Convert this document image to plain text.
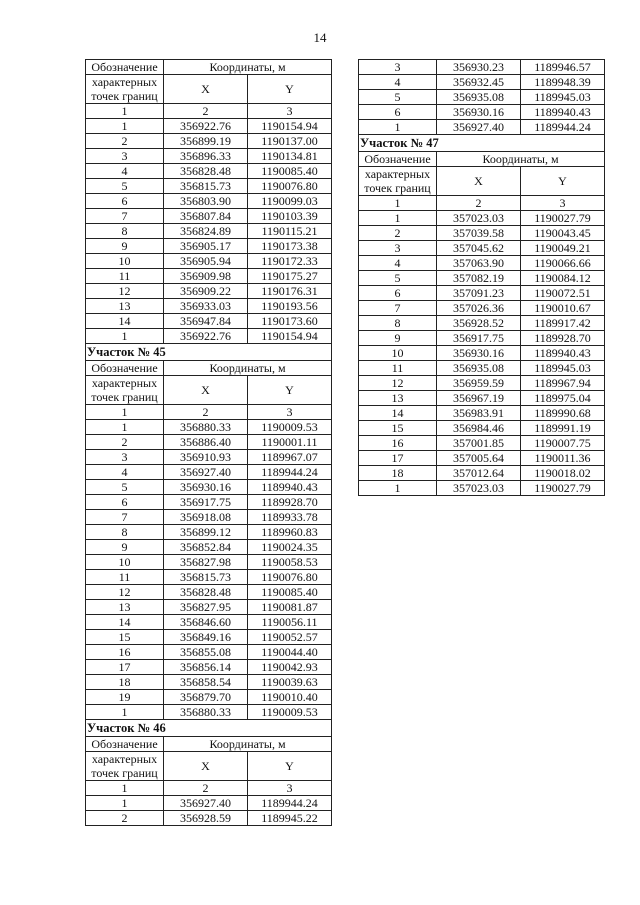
14
Обозначение	Координаты, м	

характерных
точек границ	X	Y

1	2	3
1	356922.76	1190154.94
2	356899.19	1190137.00
3	356896.33	1190134.81
4	356828.48	1190085.40
5	356815.73	1190076.80
6	356803.90	1190099.03
7	356807.84	1190103.39
8	356824.89	1190115.21
9	356905.17	1190173.38
10	356905.94	1190172.33
11	356909.98	1190175.27
12	356909.22	1190176.31
13	356933.03	1190193.56
14	356947.84	1190173.60
1	356922.76	1190154.94
Участок № 45		
Обозначение	Координаты, м	

характерных
точек границ	X	Y

1	2	3
1	356880.33	1190009.53
2	356886.40	1190001.11
3	356910.93	1189967.07
4	356927.40	1189944.24
5	356930.16	1189940.43
6	356917.75	1189928.70
7	356918.08	1189933.78
8	356899.12	1189960.83
9	356852.84	1190024.35
10	356827.98	1190058.53
11	356815.73	1190076.80
12	356828.48	1190085.40
13	356827.95	1190081.87
14	356846.60	1190056.11
15	356849.16	1190052.57
16	356855.08	1190044.40
17	356856.14	1190042.93
18	356858.54	1190039.63
19	356879.70	1190010.40
1	356880.33	1190009.53
Участок № 46		
Обозначение	Координаты, м	

характерных
точек границ	X	Y

1	2	3
1	356927.40	1189944.24
2	356928.59	1189945.22
3	356930.23	1189946.57
4	356932.45	1189948.39
5	356935.08	1189945.03
6	356930.16	1189940.43
1	356927.40	1189944.24
Участок № 47		
Обозначение	Координаты, м	

характерных
точек границ	X	Y

1	2	3
1	357023.03	1190027.79
2	357039.58	1190043.45
3	357045.62	1190049.21
4	357063.90	1190066.66
5	357082.19	1190084.12
6	357091.23	1190072.51
7	357026.36	1190010.67
8	356928.52	1189917.42
9	356917.75	1189928.70
10	356930.16	1189940.43
11	356935.08	1189945.03
12	356959.59	1189967.94
13	356967.19	1189975.04
14	356983.91	1189990.68
15	356984.46	1189991.19
16	357001.85	1190007.75
17	357005.64	1190011.36
18	357012.64	1190018.02
1	357023.03	1190027.79
